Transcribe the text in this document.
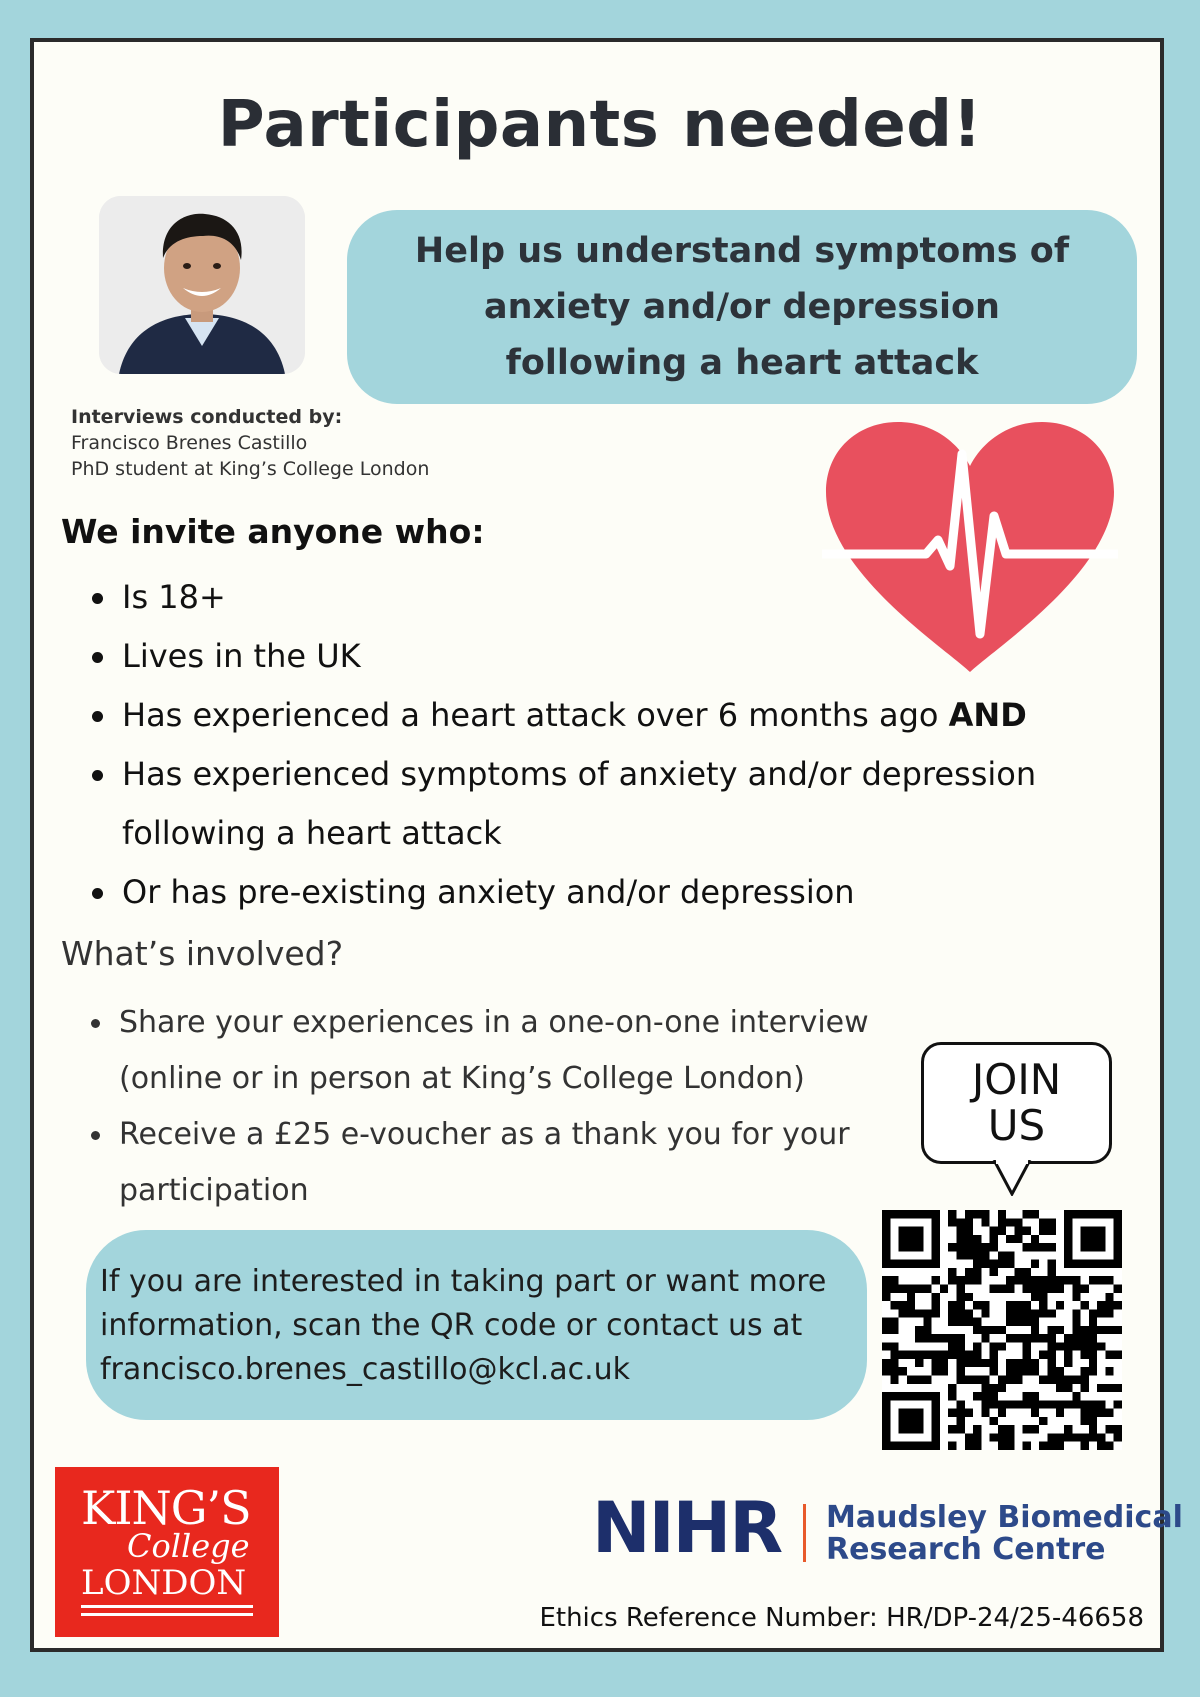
Participants needed!
Help us understand symptoms of
anxiety and/or depression
following a heart attack
Interviews conducted by:
Francisco Brenes Castillo
PhD student at King’s College London
We invite anyone who:
Is 18+
Lives in the UK
Has experienced a heart attack over 6 months ago AND
Has experienced symptoms of anxiety and/or depression following a heart attack
Or has pre-existing anxiety and/or depression
What’s involved?
Share your experiences in a one-on-one interview (online or in person at King’s College London)
Receive a £25 e-voucher as a thank you for your participation
JOIN
US
If you are interested in taking part or want more information, scan the QR code or contact us at francisco.brenes_castillo@kcl.ac.uk
KING’S
College
LONDON
NIHR Maudsley Biomedical
Research Centre
Ethics Reference Number: HR/DP-24/25-46658
